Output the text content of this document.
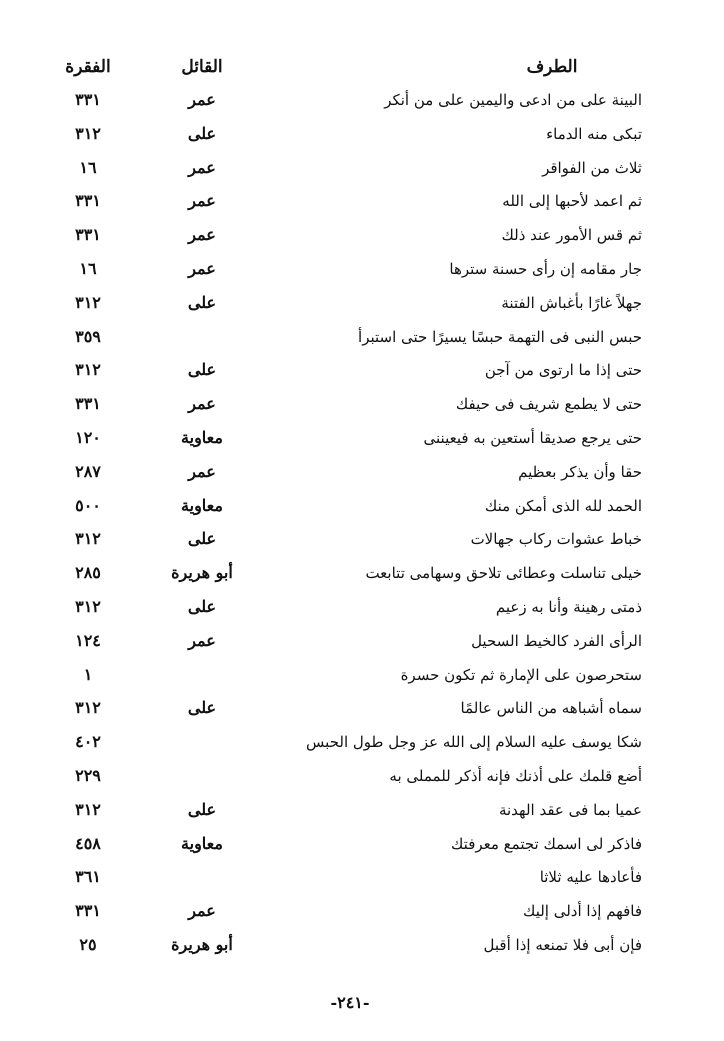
الطرف
القائل
الفقرة
البينة على من ادعى واليمين على من أنكر
عمر
٣٣١
تبكى منه الدماء
على
٣١٢
ثلاث من الفواقر
عمر
١٦
ثم اعمد لأحبها إلى الله
عمر
٣٣١
ثم قس الأمور عند ذلك
عمر
٣٣١
جار مقامه إن رأى حسنة سترها
عمر
١٦
جهلاً غارًا بأغباش الفتنة
على
٣١٢
حبس النبى فى التهمة حبسًا يسيرًا حتى استبرأ
٣٥٩
حتى إذا ما ارتوى من آجن
على
٣١٢
حتى لا يطمع شريف فى حيفك
عمر
٣٣١
حتى يرجع صديقا أستعين به فيعيننى
معاوية
١٢٠
حقا وأن يذكر بعظيم
عمر
٢٨٧
الحمد لله الذى أمكن منك
معاوية
٥٠٠
خباط عشوات ركاب جهالات
على
٣١٢
خيلى تناسلت وعطائى تلاحق وسهامى تتابعت
أبو هريرة
٢٨٥
ذمتى رهينة وأنا به زعيم
على
٣١٢
الرأى الفرد كالخيط السحيل
عمر
١٢٤
ستحرصون على الإمارة ثم تكون حسرة
١
سماه أشباهه من الناس عالمًا
على
٣١٢
شكا يوسف عليه السلام إلى الله عز وجل طول الحبس
٤٠٢
أضع قلمك على أذنك فإنه أذكر للمملى به
٢٢٩
عميا بما فى عقد الهدنة
على
٣١٢
فاذكر لى اسمك تجتمع معرفتك
معاوية
٤٥٨
فأعادها عليه ثلاثا
٣٦١
فافهم إذا أدلى إليك
عمر
٣٣١
فإن أبى فلا تمنعه إذا أقبل
أبو هريرة
٢٥
-٢٤١-
